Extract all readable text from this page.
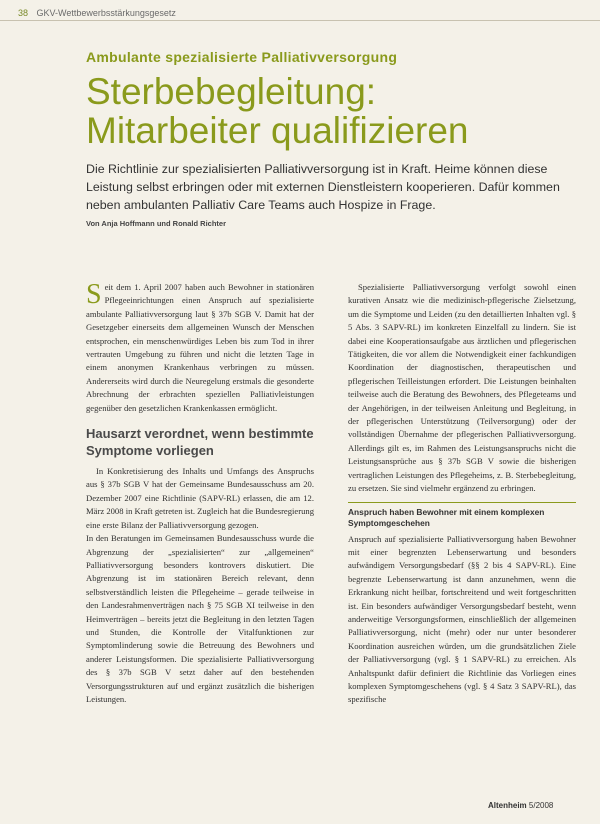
38 GKV-Wettbewerbsstärkungsgesetz
Ambulante spezialisierte Palliativversorgung
Sterbebegleitung:
Mitarbeiter qualifizieren

Die Richtlinie zur spezialisierten Palliativversorgung ist in Kraft. Heime können diese Leistung selbst erbringen oder mit externen Dienstleistern kooperieren. Dafür kommen neben ambulanten Palliativ Care Teams auch Hospize in Frage.

Von Anja Hoffmann und Ronald Richter

Seit dem 1. April 2007 haben auch Bewohner in stationären Pflegeeinrichtungen einen Anspruch auf spezialisierte ambulante Palliativversorgung laut § 37b SGB V. Damit hat der Gesetzgeber einerseits dem allgemeinen Wunsch der Menschen entsprochen, ein menschenwürdiges Leben bis zum Tod in ihrer vertrauten Umgebung zu führen und nicht die letzten Tage in einem anonymen Krankenhaus verbringen zu müssen. Andererseits wird durch die Neuregelung erstmals die gesonderte Abrechnung der erbrachten speziellen Palliativleistungen gegenüber den gesetzlichen Krankenkassen ermöglicht.

Hausarzt verordnet, wenn bestimmte Symptome vorliegen

In Konkretisierung des Inhalts und Umfangs des Anspruchs aus § 37b SGB V hat der Gemeinsame Bundesausschuss am 20. Dezember 2007 eine Richtlinie (SAPV-RL) erlassen, die am 12. März 2008 in Kraft getreten ist. Zugleich hat die Bundesregierung eine erste Bilanz der Palliativversorgung gezogen.

In den Beratungen im Gemeinsamen Bundesausschuss wurde die Abgrenzung der „spezialisierten“ zur „allgemeinen“ Palliativversorgung besonders kontrovers diskutiert. Die Abgrenzung ist im stationären Bereich relevant, denn selbstverständlich leisten die Pflegeheime – gerade teilweise in den Landesrahmenverträgen nach § 75 SGB XI teilweise in den Heimverträgen – bereits jetzt die Begleitung in den letzten Tagen und Stunden, die Kontrolle der Vitalfunktionen zur Symptomlinderung sowie die Betreuung des Bewohners und anderer Leistungsformen. Die spezialisierte Palliativversorgung des § 37b SGB V setzt daher auf den bestehenden Versorgungsstrukturen auf und ergänzt zusätzlich die bisherigen Leistungen.

Spezialisierte Palliativversorgung verfolgt sowohl einen kurativen Ansatz wie die medizinisch-pflegerische Zielsetzung, um die Symptome und Leiden (zu den detaillierten Inhalten vgl. § 5 Abs. 3 SAPV-RL) im konkreten Einzelfall zu lindern. Sie ist dabei eine Kooperationsaufgabe aus ärztlichen und pflegerischen Tätigkeiten, die vor allem die Notwendigkeit einer fachkundigen Koordination der diagnostischen, therapeutischen und pflegerischen Teilleistungen erfordert. Die Leistungen beinhalten teilweise auch die Beratung des Bewohners, des Pflegeteams und der Angehörigen, in der teilweisen Anleitung und Begleitung, in der pflegerischen Unterstützung (Teilversorgung) oder der vollständigen Übernahme der pflegerischen Palliativversorgung. Allerdings gilt es, im Rahmen des Leistungsanspruchs nicht die Leistungsansprüche aus § 37b SGB V sowie die bisherigen vertraglichen Leistungen des Pflegeheims, z. B. Sterbebegleitung, zu ersetzen. Sie sind vielmehr ergänzend zu erbringen.

Anspruch haben Bewohner mit einem komplexen Symptomgeschehen

Anspruch auf spezialisierte Palliativversorgung haben Bewohner mit einer begrenzten Lebenserwartung und besonders aufwändigem Versorgungsbedarf (§§ 2 bis 4 SAPV-RL). Eine begrenzte Lebenserwartung ist dann anzunehmen, wenn die Erkrankung nicht heilbar, fortschreitend und weit fortgeschritten ist. Ein besonders aufwändiger Versorgungsbedarf besteht, wenn anderweitige Versorgungsformen, einschließlich der allgemeinen Palliativversorgung, nicht (mehr) oder nur unter besonderer Koordination ausreichen würden, um die grundsätzlichen Ziele der Palliativversorgung (vgl. § 1 SAPV-RL) zu erreichen. Als Anhaltspunkt dafür definiert die Richtlinie das Vorliegen eines komplexen Symptomgeschehens (vgl. § 4 Satz 3 SAPV-RL), das spezifische

Altenheim 5/2008
